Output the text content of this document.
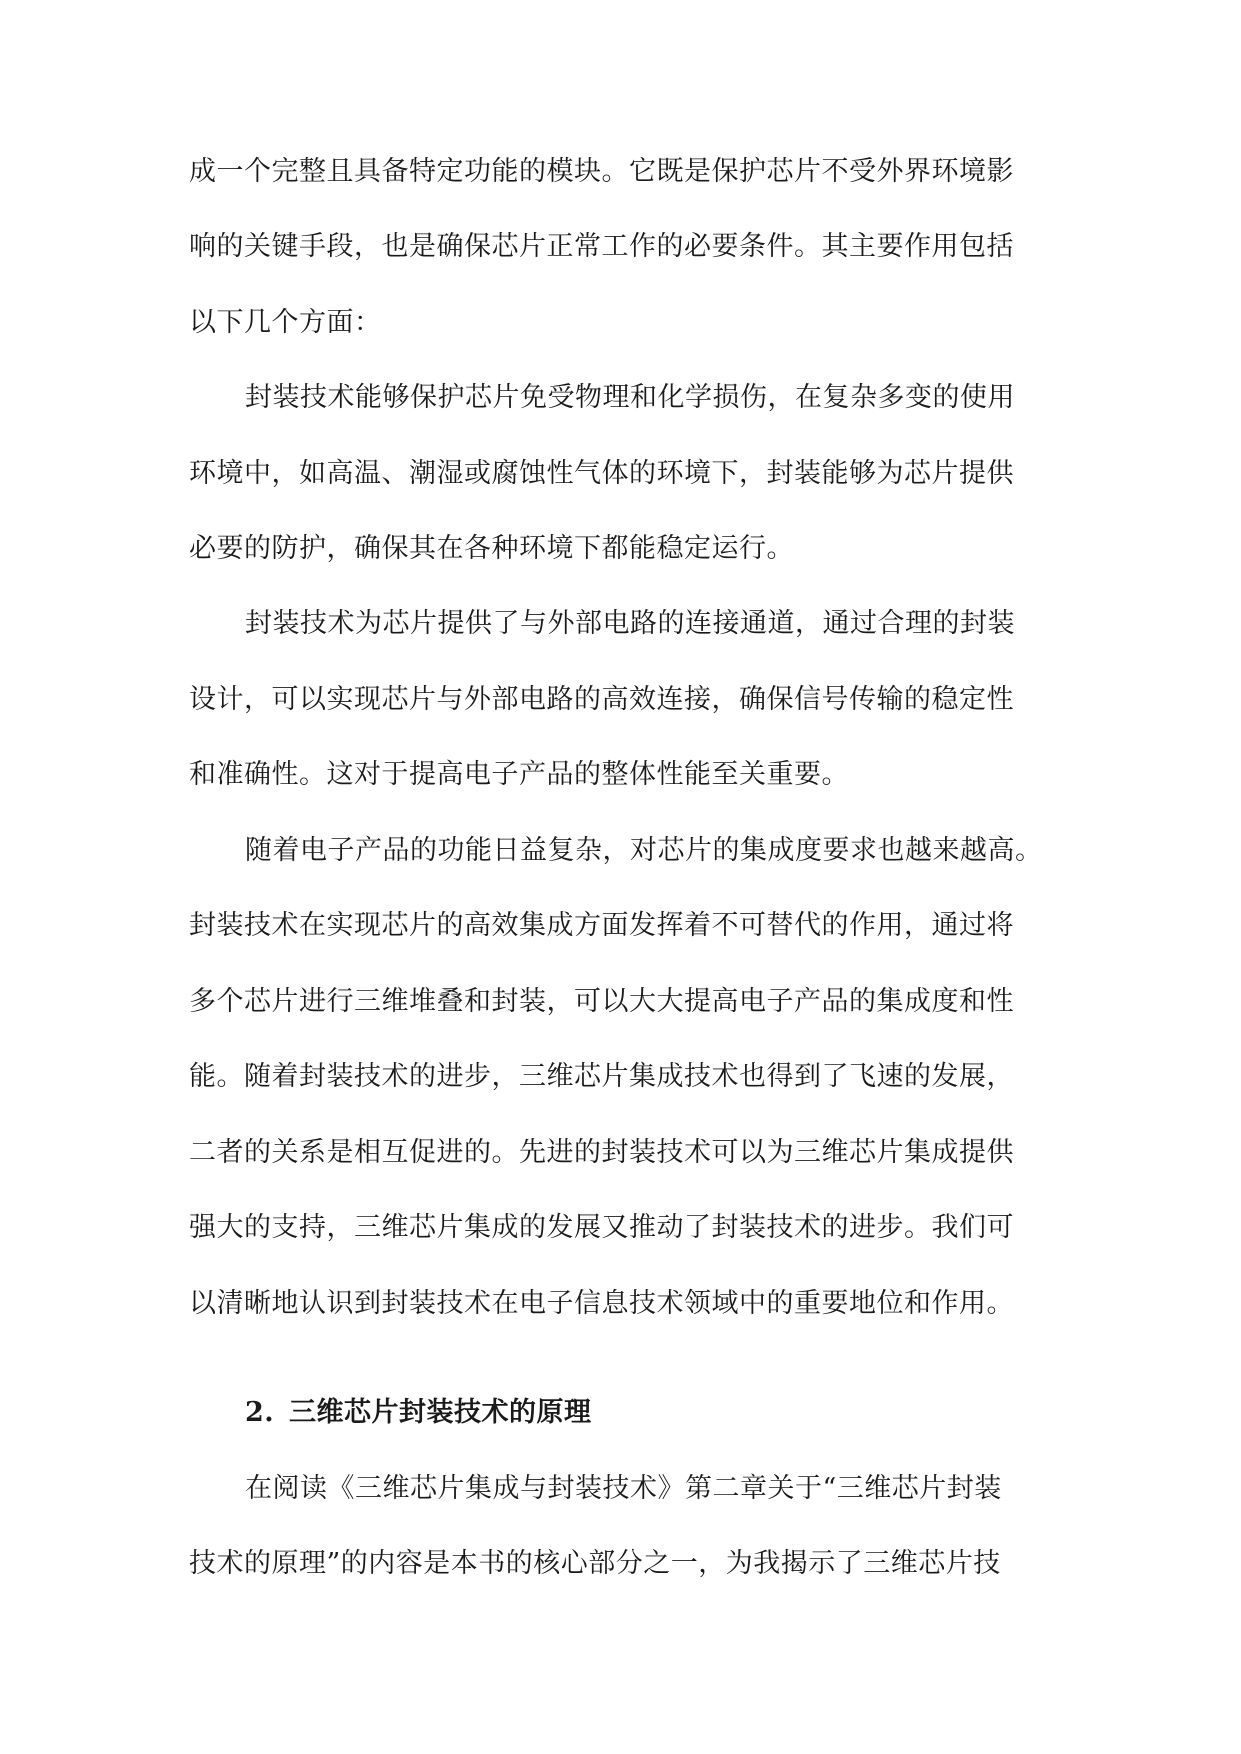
成一个完整且具备特定功能的模块。它既是保护芯片不受外界环境影
响的关键手段，也是确保芯片正常工作的必要条件。其主要作用包括
以下几个方面：
封装技术能够保护芯片免受物理和化学损伤，在复杂多变的使用
环境中，如高温、潮湿或腐蚀性气体的环境下，封装能够为芯片提供
必要的防护，确保其在各种环境下都能稳定运行。
封装技术为芯片提供了与外部电路的连接通道，通过合理的封装
设计，可以实现芯片与外部电路的高效连接，确保信号传输的稳定性
和准确性。这对于提高电子产品的整体性能至关重要。
随着电子产品的功能日益复杂，对芯片的集成度要求也越来越高。
封装技术在实现芯片的高效集成方面发挥着不可替代的作用，通过将
多个芯片进行三维堆叠和封装，可以大大提高电子产品的集成度和性
能。随着封装技术的进步，三维芯片集成技术也得到了飞速的发展，
二者的关系是相互促进的。先进的封装技术可以为三维芯片集成提供
强大的支持，三维芯片集成的发展又推动了封装技术的进步。我们可
以清晰地认识到封装技术在电子信息技术领域中的重要地位和作用。
2. 三维芯片封装技术的原理
在阅读《三维芯片集成与封装技术》第二章关于“三维芯片封装
技术的原理”的内容是本书的核心部分之一，为我揭示了三维芯片技
